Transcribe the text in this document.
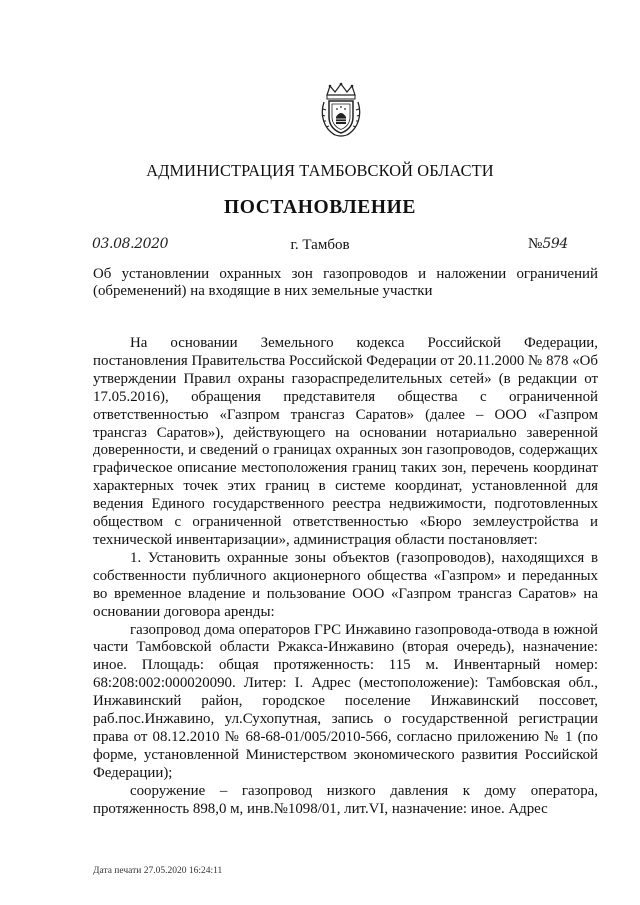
АДМИНИСТРАЦИЯ ТАМБОВСКОЙ ОБЛАСТИ
ПОСТАНОВЛЕНИЕ
03.08.2020	г. Тамбов	№594
Об установлении охранных зон газопроводов и наложении ограничений (обременений) на входящие в них земельные участки

На основании Земельного кодекса Российской Федерации, постановления Правительства Российской Федерации от 20.11.2000 № 878 «Об утверждении Правил охраны газораспределительных сетей» (в редакции от 17.05.2016), обращения представителя общества с ограниченной ответственностью «Газпром трансгаз Саратов» (далее – ООО «Газпром трансгаз Саратов»), действующего на основании нотариально заверенной доверенности, и сведений о границах охранных зон газопроводов, содержащих графическое описание местоположения границ таких зон, перечень координат характерных точек этих границ в системе координат, установленной для ведения Единого государственного реестра недвижимости, подготовленных обществом с ограниченной ответственностью «Бюро землеустройства и технической инвентаризации», администрация области постановляет:

1. Установить охранные зоны объектов (газопроводов), находящихся в собственности публичного акционерного общества «Газпром» и переданных во временное владение и пользование ООО «Газпром трансгаз Саратов» на основании договора аренды:

газопровод дома операторов ГРС Инжавино газопровода-отвода в южной части Тамбовской области Ржакса-Инжавино (вторая очередь), назначение: иное. Площадь: общая протяженность: 115 м. Инвентарный номер: 68:208:002:000020090. Литер: I. Адрес (местоположение): Тамбовская обл., Инжавинский район, городское поселение Инжавинский поссовет, раб.пос.Инжавино, ул.Сухопутная, запись о государственной регистрации права от 08.12.2010 № 68-68-01/005/2010-566, согласно приложению № 1 (по форме, установленной Министерством экономического развития Российской Федерации);

сооружение – газопровод низкого давления к дому оператора, протяженность 898,0 м, инв.№1098/01, лит.VI, назначение: иное. Адрес

Дата печати 27.05.2020 16:24:11
